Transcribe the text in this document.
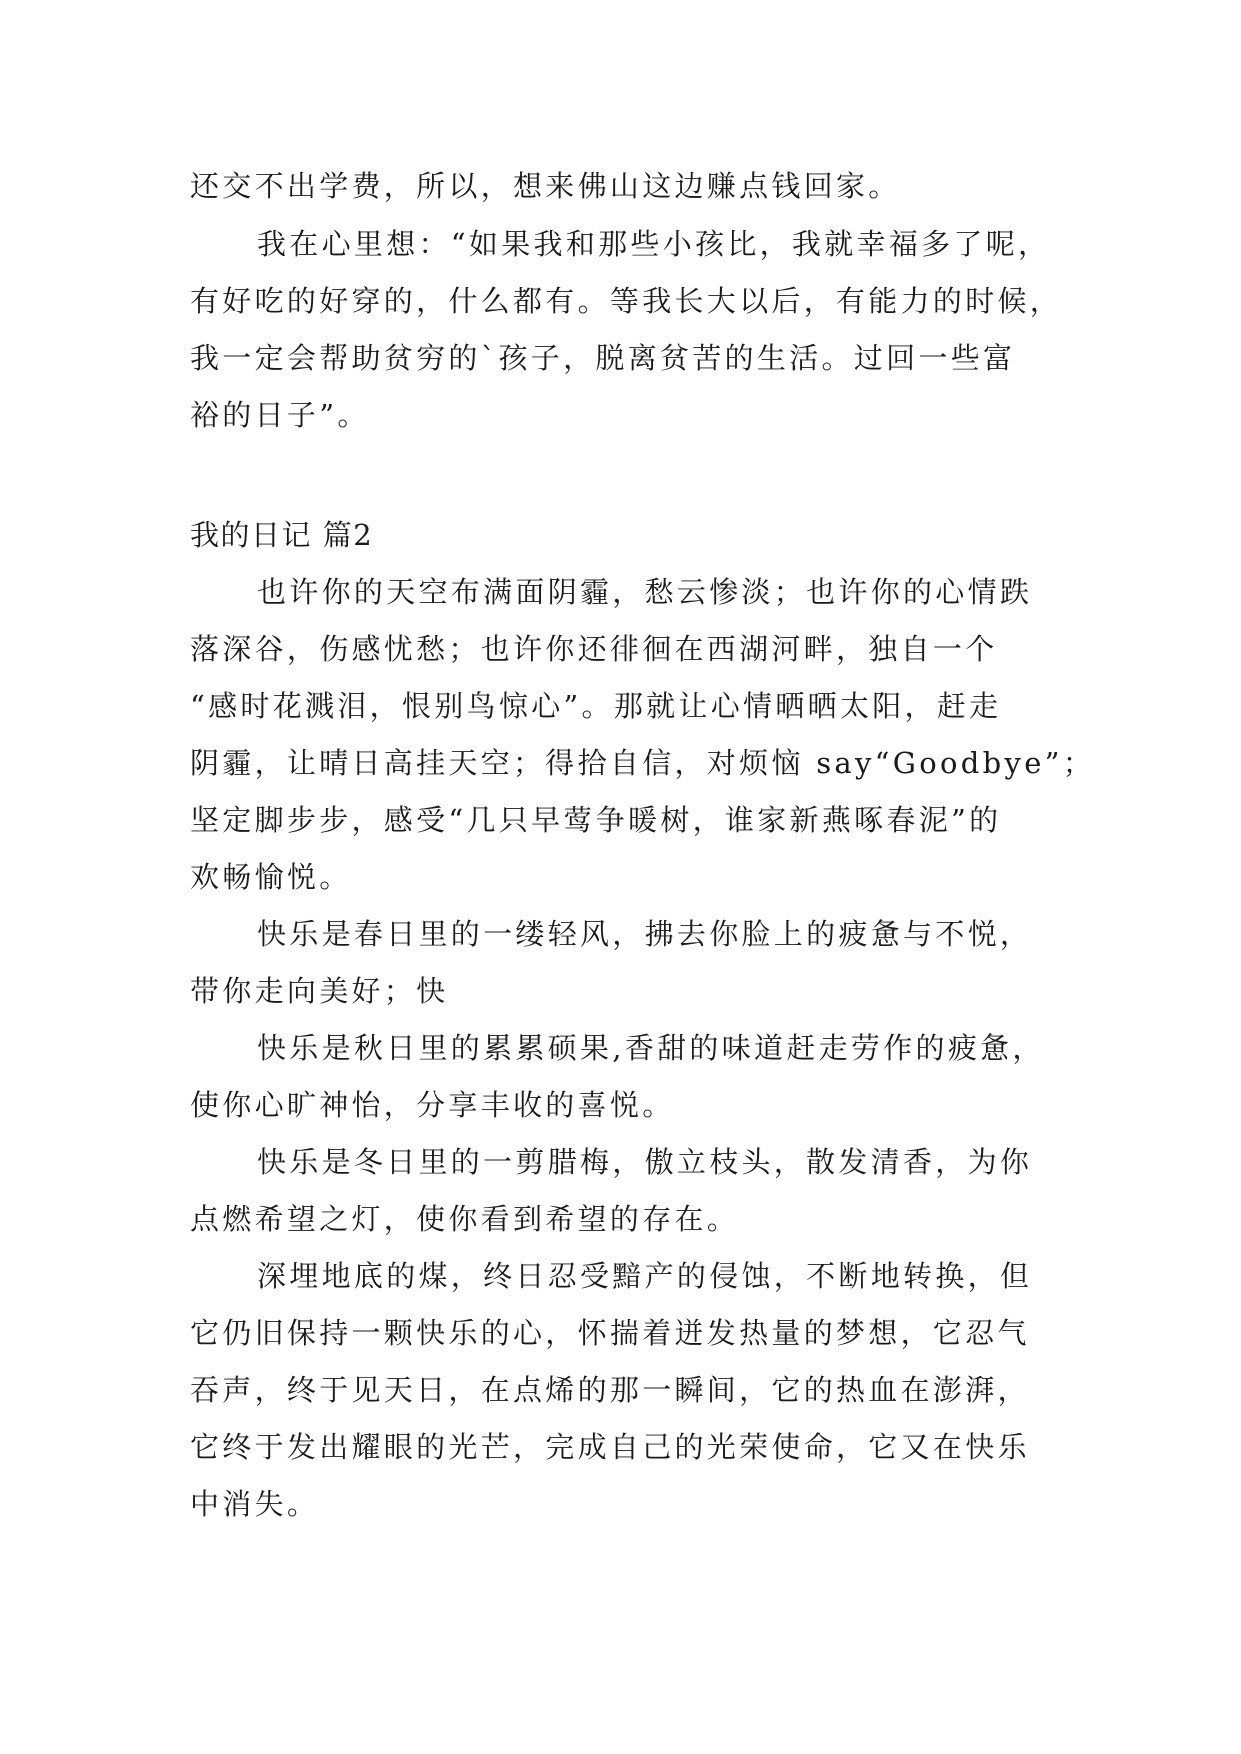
还交不出学费，所以，想来佛山这边赚点钱回家。
我在心里想：“如果我和那些小孩比，我就幸福多了呢，
有好吃的好穿的，什么都有。等我长大以后，有能力的时候，
我一定会帮助贫穷的`孩子，脱离贫苦的生活。过回一些富
裕的日子”。
我的日记 篇2
也许你的天空布满面阴霾，愁云惨淡；也许你的心情跌
落深谷，伤感忧愁；也许你还徘徊在西湖河畔，独自一个
“感时花溅泪，恨别鸟惊心”。那就让心情晒晒太阳，赶走
阴霾，让晴日高挂天空；得拾自信，对烦恼 say“Goodbye”；
坚定脚步步，感受“几只早莺争暖树，谁家新燕啄春泥”的
欢畅愉悦。
快乐是春日里的一缕轻风，拂去你脸上的疲惫与不悦，
带你走向美好；快
快乐是秋日里的累累硕果,香甜的味道赶走劳作的疲惫，
使你心旷神怡，分享丰收的喜悦。
快乐是冬日里的一剪腊梅，傲立枝头，散发清香，为你
点燃希望之灯，使你看到希望的存在。
深埋地底的煤，终日忍受黯产的侵蚀，不断地转换，但
它仍旧保持一颗快乐的心，怀揣着迸发热量的梦想，它忍气
吞声，终于见天日，在点烯的那一瞬间，它的热血在澎湃，
它终于发出耀眼的光芒，完成自己的光荣使命，它又在快乐
中消失。
